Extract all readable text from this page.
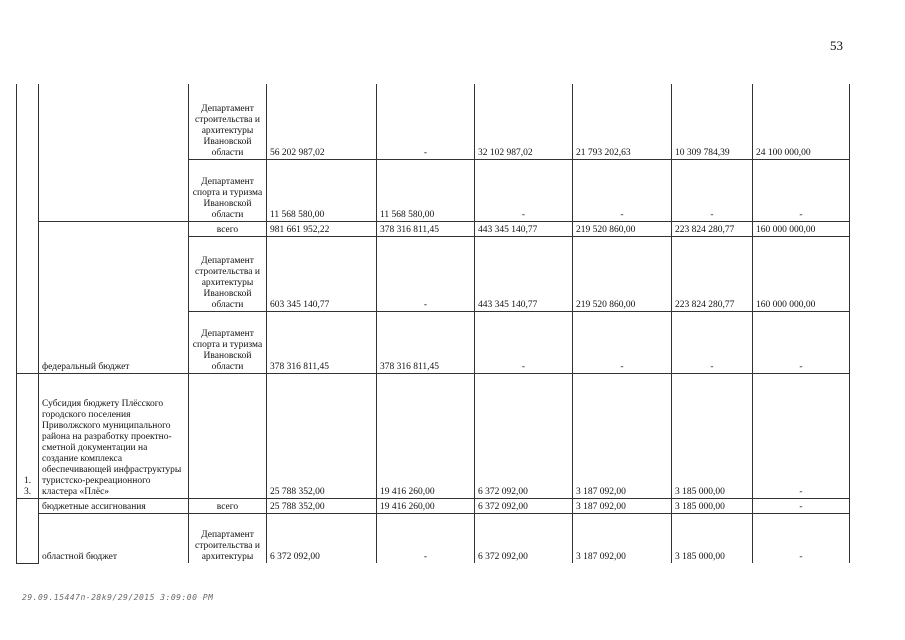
53
		Департамент строительства и архитектуры Ивановской области	56 202 987,02	-	32 102 987,02	21 793 202,63	10 309 784,39	24 100 000,00
		Департамент спорта и туризма Ивановской области	11 568 580,00	11 568 580,00	-	-	-	-
	федеральный бюджет	всего	981 661 952,22	378 316 811,45	443 345 140,77	219 520 860,00	223 824 280,77	160 000 000,00
		Департамент строительства и архитектуры Ивановской области	603 345 140,77	-	443 345 140,77	219 520 860,00	223 824 280,77	160 000 000,00
		Департамент спорта и туризма Ивановской области	378 316 811,45	378 316 811,45	-	-	-	-
1. 3.	Субсидия бюджету Плёсского городского поселения Приволжского муниципального района на разработку проектно-сметной документации на создание комплекса обеспечивающей инфраструктуры туристско-рекреационного кластера «Плёс»		25 788 352,00	19 416 260,00	6 372 092,00	3 187 092,00	3 185 000,00	-
	бюджетные ассигнования	всего	25 788 352,00	19 416 260,00	6 372 092,00	3 187 092,00	3 185 000,00	-
	областной бюджет	Департамент строительства и архитектуры	6 372 092,00	-	6 372 092,00	3 187 092,00	3 185 000,00	-
29.09.15447п-28k9/29/2015 3:09:00 PM
